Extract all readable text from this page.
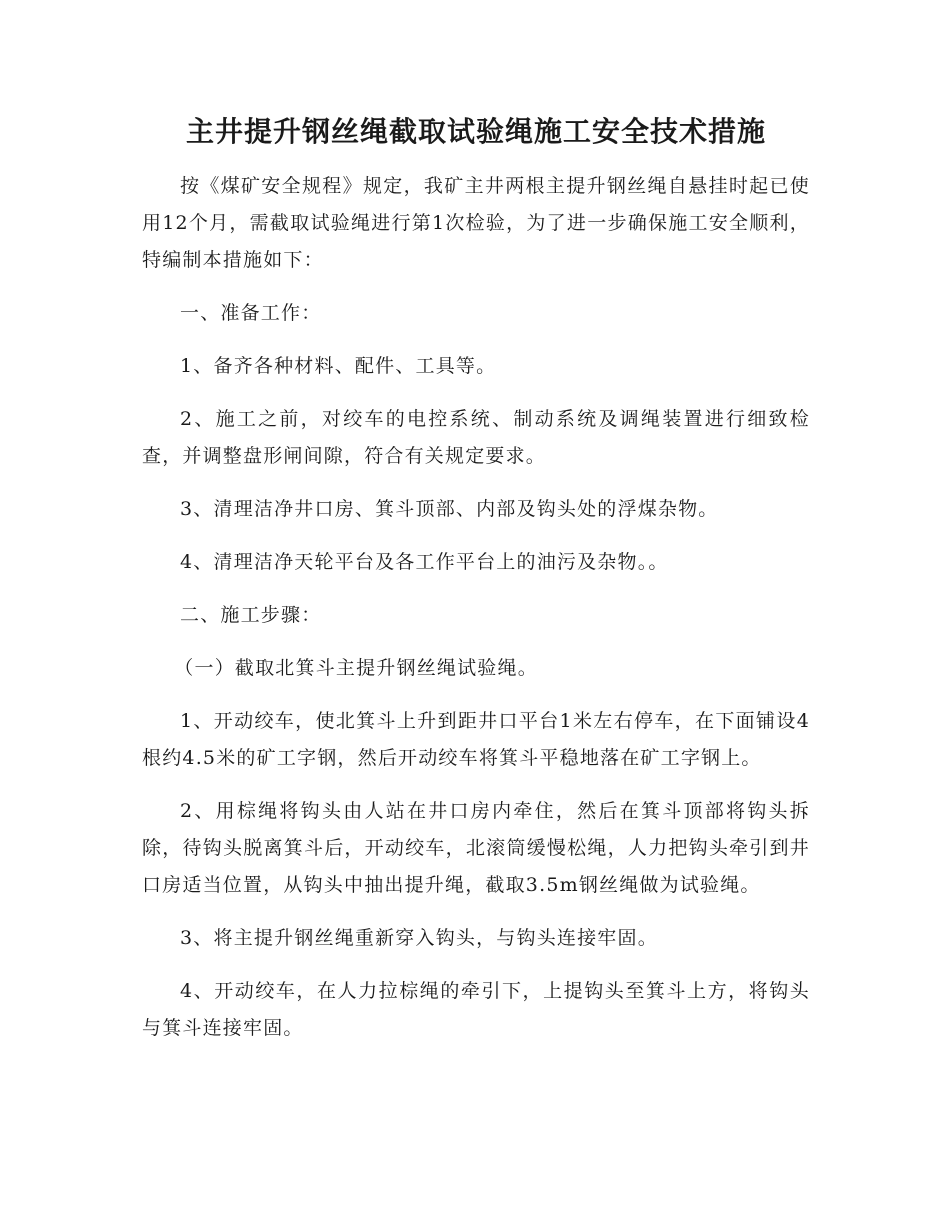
主井提升钢丝绳截取试验绳施工安全技术措施

按《煤矿安全规程》规定，我矿主井两根主提升钢丝绳自悬挂时起已使用12个月，需截取试验绳进行第1次检验，为了进一步确保施工安全顺利，特编制本措施如下：

一、准备工作：

1、备齐各种材料、配件、工具等。

2、施工之前，对绞车的电控系统、制动系统及调绳装置进行细致检查，并调整盘形闸间隙，符合有关规定要求。

3、清理洁净井口房、箕斗顶部、内部及钩头处的浮煤杂物。

4、清理洁净天轮平台及各工作平台上的油污及杂物。。

二、施工步骤：

（一）截取北箕斗主提升钢丝绳试验绳。

1、开动绞车，使北箕斗上升到距井口平台1米左右停车，在下面铺设4根约4.5米的矿工字钢，然后开动绞车将箕斗平稳地落在矿工字钢上。

2、用棕绳将钩头由人站在井口房内牵住，然后在箕斗顶部将钩头拆除，待钩头脱离箕斗后，开动绞车，北滚筒缓慢松绳，人力把钩头牵引到井口房适当位置，从钩头中抽出提升绳，截取3.5m钢丝绳做为试验绳。

3、将主提升钢丝绳重新穿入钩头，与钩头连接牢固。

4、开动绞车，在人力拉棕绳的牵引下，上提钩头至箕斗上方，将钩头与箕斗连接牢固。
